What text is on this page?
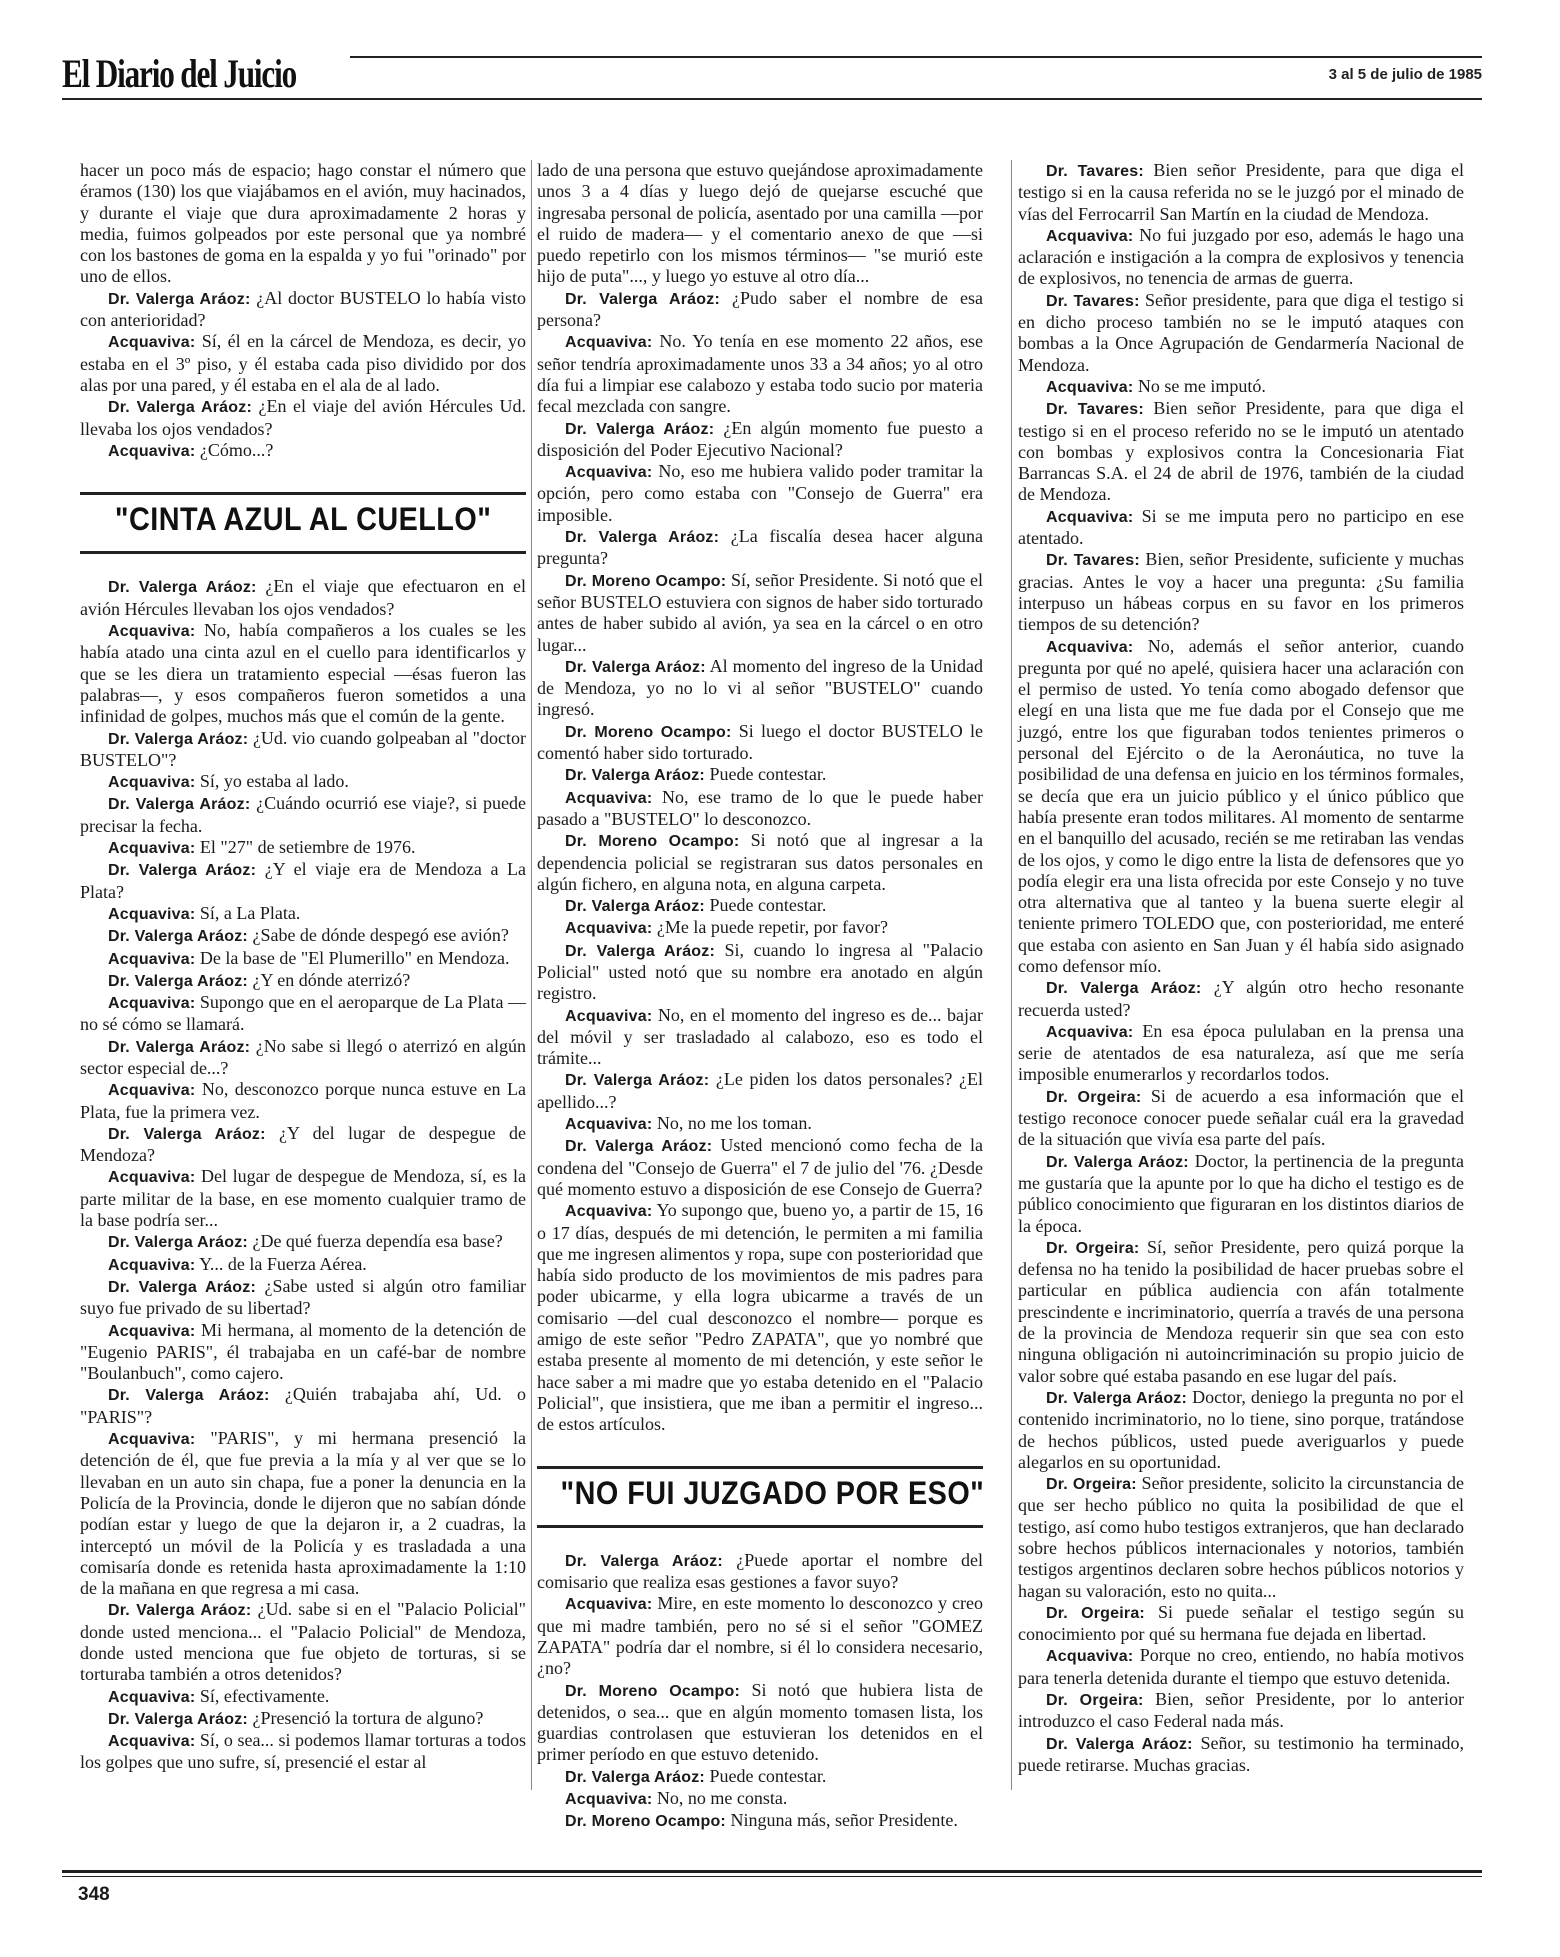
El Diario del Juicio	3 al 5 de julio de 1985

hacer un poco más de espacio; hago constar el número que éramos (130) los que viajábamos en el avión, muy hacinados, y durante el viaje que dura aproximadamente 2 horas y media, fuimos golpeados por este personal que ya nombré con los bastones de goma en la espalda y yo fui "orinado" por uno de ellos.

Dr. Valerga Aráoz: ¿Al doctor BUSTELO lo había visto con anterioridad?

Acquaviva: Sí, él en la cárcel de Mendoza, es decir, yo estaba en el 3º piso, y él estaba cada piso dividido por dos alas por una pared, y él estaba en el ala de al lado.

Dr. Valerga Aráoz: ¿En el viaje del avión Hércules Ud. llevaba los ojos vendados?

Acquaviva: ¿Cómo...?

"CINTA AZUL AL CUELLO"

Dr. Valerga Aráoz: ¿En el viaje que efectuaron en el avión Hércules llevaban los ojos vendados?

Acquaviva: No, había compañeros a los cuales se les había atado una cinta azul en el cuello para identificarlos y que se les diera un tratamiento especial —ésas fueron las palabras—, y esos compañeros fueron sometidos a una infinidad de golpes, muchos más que el común de la gente.

Dr. Valerga Aráoz: ¿Ud. vio cuando golpeaban al "doctor BUSTELO"?

Acquaviva: Sí, yo estaba al lado.

Dr. Valerga Aráoz: ¿Cuándo ocurrió ese viaje?, si puede precisar la fecha.

Acquaviva: El "27" de setiembre de 1976.

Dr. Valerga Aráoz: ¿Y el viaje era de Mendoza a La Plata?

Acquaviva: Sí, a La Plata.

Dr. Valerga Aráoz: ¿Sabe de dónde despegó ese avión?

Acquaviva: De la base de "El Plumerillo" en Mendoza.

Dr. Valerga Aráoz: ¿Y en dónde aterrizó?

Acquaviva: Supongo que en el aeroparque de La Plata —no sé cómo se llamará.

Dr. Valerga Aráoz: ¿No sabe si llegó o aterrizó en algún sector especial de...?

Acquaviva: No, desconozco porque nunca estuve en La Plata, fue la primera vez.

Dr. Valerga Aráoz: ¿Y del lugar de despegue de Mendoza?

Acquaviva: Del lugar de despegue de Mendoza, sí, es la parte militar de la base, en ese momento cualquier tramo de la base podría ser...

Dr. Valerga Aráoz: ¿De qué fuerza dependía esa base?

Acquaviva: Y... de la Fuerza Aérea.

Dr. Valerga Aráoz: ¿Sabe usted si algún otro familiar suyo fue privado de su libertad?

Acquaviva: Mi hermana, al momento de la detención de "Eugenio PARIS", él trabajaba en un café-bar de nombre "Boulanbuch", como cajero.

Dr. Valerga Aráoz: ¿Quién trabajaba ahí, Ud. o "PARIS"?

Acquaviva: "PARIS", y mi hermana presenció la detención de él, que fue previa a la mía y al ver que se lo llevaban en un auto sin chapa, fue a poner la denuncia en la Policía de la Provincia, donde le dijeron que no sabían dónde podían estar y luego de que la dejaron ir, a 2 cuadras, la interceptó un móvil de la Policía y es trasladada a una comisaría donde es retenida hasta aproximadamente la 1:10 de la mañana en que regresa a mi casa.

Dr. Valerga Aráoz: ¿Ud. sabe si en el "Palacio Policial" donde usted menciona... el "Palacio Policial" de Mendoza, donde usted menciona que fue objeto de torturas, si se torturaba también a otros detenidos?

Acquaviva: Sí, efectivamente.

Dr. Valerga Aráoz: ¿Presenció la tortura de alguno?

Acquaviva: Sí, o sea... si podemos llamar torturas a todos los golpes que uno sufre, sí, presencié el estar al

lado de una persona que estuvo quejándose aproximadamente unos 3 a 4 días y luego dejó de quejarse escuché que ingresaba personal de policía, asentado por una camilla —por el ruido de madera— y el comentario anexo de que —si puedo repetirlo con los mismos términos— "se murió este hijo de puta"..., y luego yo estuve al otro día...

Dr. Valerga Aráoz: ¿Pudo saber el nombre de esa persona?

Acquaviva: No. Yo tenía en ese momento 22 años, ese señor tendría aproximadamente unos 33 a 34 años; yo al otro día fui a limpiar ese calabozo y estaba todo sucio por materia fecal mezclada con sangre.

Dr. Valerga Aráoz: ¿En algún momento fue puesto a disposición del Poder Ejecutivo Nacional?

Acquaviva: No, eso me hubiera valido poder tramitar la opción, pero como estaba con "Consejo de Guerra" era imposible.

Dr. Valerga Aráoz: ¿La fiscalía desea hacer alguna pregunta?

Dr. Moreno Ocampo: Sí, señor Presidente. Si notó que el señor BUSTELO estuviera con signos de haber sido torturado antes de haber subido al avión, ya sea en la cárcel o en otro lugar...

Dr. Valerga Aráoz: Al momento del ingreso de la Unidad de Mendoza, yo no lo vi al señor "BUSTELO" cuando ingresó.

Dr. Moreno Ocampo: Si luego el doctor BUSTELO le comentó haber sido torturado.

Dr. Valerga Aráoz: Puede contestar.

Acquaviva: No, ese tramo de lo que le puede haber pasado a "BUSTELO" lo desconozco.

Dr. Moreno Ocampo: Si notó que al ingresar a la dependencia policial se registraran sus datos personales en algún fichero, en alguna nota, en alguna carpeta.

Dr. Valerga Aráoz: Puede contestar.

Acquaviva: ¿Me la puede repetir, por favor?

Dr. Valerga Aráoz: Si, cuando lo ingresa al "Palacio Policial" usted notó que su nombre era anotado en algún registro.

Acquaviva: No, en el momento del ingreso es de... bajar del móvil y ser trasladado al calabozo, eso es todo el trámite...

Dr. Valerga Aráoz: ¿Le piden los datos personales? ¿El apellido...?

Acquaviva: No, no me los toman.

Dr. Valerga Aráoz: Usted mencionó como fecha de la condena del "Consejo de Guerra" el 7 de julio del '76. ¿Desde qué momento estuvo a disposición de ese Consejo de Guerra?

Acquaviva: Yo supongo que, bueno yo, a partir de 15, 16 o 17 días, después de mi detención, le permiten a mi familia que me ingresen alimentos y ropa, supe con posterioridad que había sido producto de los movimientos de mis padres para poder ubicarme, y ella logra ubicarme a través de un comisario —del cual desconozco el nombre— porque es amigo de este señor "Pedro ZAPATA", que yo nombré que estaba presente al momento de mi detención, y este señor le hace saber a mi madre que yo estaba detenido en el "Palacio Policial", que insistiera, que me iban a permitir el ingreso... de estos artículos.

"NO FUI JUZGADO POR ESO"

Dr. Valerga Aráoz: ¿Puede aportar el nombre del comisario que realiza esas gestiones a favor suyo?

Acquaviva: Mire, en este momento lo desconozco y creo que mi madre también, pero no sé si el señor "GOMEZ ZAPATA" podría dar el nombre, si él lo considera necesario, ¿no?

Dr. Moreno Ocampo: Si notó que hubiera lista de detenidos, o sea... que en algún momento tomasen lista, los guardias controlasen que estuvieran los detenidos en el primer período en que estuvo detenido.

Dr. Valerga Aráoz: Puede contestar.

Acquaviva: No, no me consta.

Dr. Moreno Ocampo: Ninguna más, señor Presidente.

Dr. Tavares: Bien señor Presidente, para que diga el testigo si en la causa referida no se le juzgó por el minado de vías del Ferrocarril San Martín en la ciudad de Mendoza.

Acquaviva: No fui juzgado por eso, además le hago una aclaración e instigación a la compra de explosivos y tenencia de explosivos, no tenencia de armas de guerra.

Dr. Tavares: Señor presidente, para que diga el testigo si en dicho proceso también no se le imputó ataques con bombas a la Once Agrupación de Gendarmería Nacional de Mendoza.

Acquaviva: No se me imputó.

Dr. Tavares: Bien señor Presidente, para que diga el testigo si en el proceso referido no se le imputó un atentado con bombas y explosivos contra la Concesionaria Fiat Barrancas S.A. el 24 de abril de 1976, también de la ciudad de Mendoza.

Acquaviva: Si se me imputa pero no participo en ese atentado.

Dr. Tavares: Bien, señor Presidente, suficiente y muchas gracias. Antes le voy a hacer una pregunta: ¿Su familia interpuso un hábeas corpus en su favor en los primeros tiempos de su detención?

Acquaviva: No, además el señor anterior, cuando pregunta por qué no apelé, quisiera hacer una aclaración con el permiso de usted. Yo tenía como abogado defensor que elegí en una lista que me fue dada por el Consejo que me juzgó, entre los que figuraban todos tenientes primeros o personal del Ejército o de la Aeronáutica, no tuve la posibilidad de una defensa en juicio en los términos formales, se decía que era un juicio público y el único público que había presente eran todos militares. Al momento de sentarme en el banquillo del acusado, recién se me retiraban las vendas de los ojos, y como le digo entre la lista de defensores que yo podía elegir era una lista ofrecida por este Consejo y no tuve otra alternativa que al tanteo y la buena suerte elegir al teniente primero TOLEDO que, con posterioridad, me enteré que estaba con asiento en San Juan y él había sido asignado como defensor mío.

Dr. Valerga Aráoz: ¿Y algún otro hecho resonante recuerda usted?

Acquaviva: En esa época pululaban en la prensa una serie de atentados de esa naturaleza, así que me sería imposible enumerarlos y recordarlos todos.

Dr. Orgeira: Si de acuerdo a esa información que el testigo reconoce conocer puede señalar cuál era la gravedad de la situación que vivía esa parte del país.

Dr. Valerga Aráoz: Doctor, la pertinencia de la pregunta me gustaría que la apunte por lo que ha dicho el testigo es de público conocimiento que figuraran en los distintos diarios de la época.

Dr. Orgeira: Sí, señor Presidente, pero quizá porque la defensa no ha tenido la posibilidad de hacer pruebas sobre el particular en pública audiencia con afán totalmente prescindente e incriminatorio, querría a través de una persona de la provincia de Mendoza requerir sin que sea con esto ninguna obligación ni autoincriminación su propio juicio de valor sobre qué estaba pasando en ese lugar del país.

Dr. Valerga Aráoz: Doctor, deniego la pregunta no por el contenido incriminatorio, no lo tiene, sino porque, tratándose de hechos públicos, usted puede averiguarlos y puede alegarlos en su oportunidad.

Dr. Orgeira: Señor presidente, solicito la circunstancia de que ser hecho público no quita la posibilidad de que el testigo, así como hubo testigos extranjeros, que han declarado sobre hechos públicos internacionales y notorios, también testigos argentinos declaren sobre hechos públicos notorios y hagan su valoración, esto no quita...

Dr. Orgeira: Si puede señalar el testigo según su conocimiento por qué su hermana fue dejada en libertad.

Acquaviva: Porque no creo, entiendo, no había motivos para tenerla detenida durante el tiempo que estuvo detenida.

Dr. Orgeira: Bien, señor Presidente, por lo anterior introduzco el caso Federal nada más.

Dr. Valerga Aráoz: Señor, su testimonio ha terminado, puede retirarse. Muchas gracias.

348
